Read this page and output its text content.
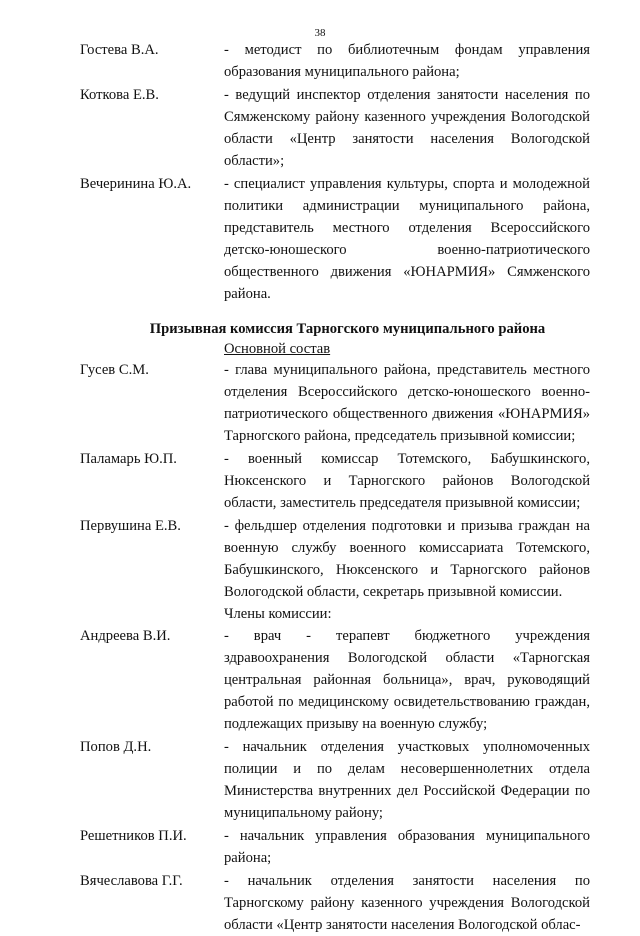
38
Гостева В.А.	- методист по библиотечным фондам управления образования муниципального района;
Коткова Е.В.	- ведущий инспектор отделения занятости населения по Сямженскому району казенного учреждения Вологодской области «Центр занятости населения Вологодской области»;
Вечеринина Ю.А.	- специалист управления культуры, спорта и молодежной политики администрации муниципального района, представитель местного отделения Всероссийского детско-юношеского военно-патриотического общественного движения «ЮНАРМИЯ» Сямженского района.
Призывная комиссия Тарногского муниципального района
Основной состав
Гусев С.М.	- глава муниципального района, представитель местного отделения Всероссийского детско-юношеского военно-патриотического общественного движения «ЮНАРМИЯ» Тарногского района, председатель призывной комиссии;
Паламарь Ю.П.	- военный комиссар Тотемского, Бабушкинского, Нюксенского и Тарногского районов Вологодской области, заместитель председателя призывной комиссии;
Первушина Е.В.	- фельдшер отделения подготовки и призыва граждан на военную службу военного комиссариата Тотемского, Бабушкинского, Нюксенского и Тарногского районов Вологодской области, секретарь призывной комиссии.
Члены комиссии:
Андреева В.И.	- врач - терапевт бюджетного учреждения здравоохранения Вологодской области «Тарногская центральная районная больница», врач, руководящий работой по медицинскому освидетельствованию граждан, подлежащих призыву на военную службу;
Попов Д.Н.	- начальник отделения участковых уполномоченных полиции и по делам несовершеннолетних отдела Министерства внутренних дел Российской Федерации по муниципальному району;
Решетников П.И.	- начальник управления образования муниципального района;
Вячеславова Г.Г.	- начальник отделения занятости населения по Тарногскому району казенного учреждения Вологодской области «Центр занятости населения Вологодской облас-
